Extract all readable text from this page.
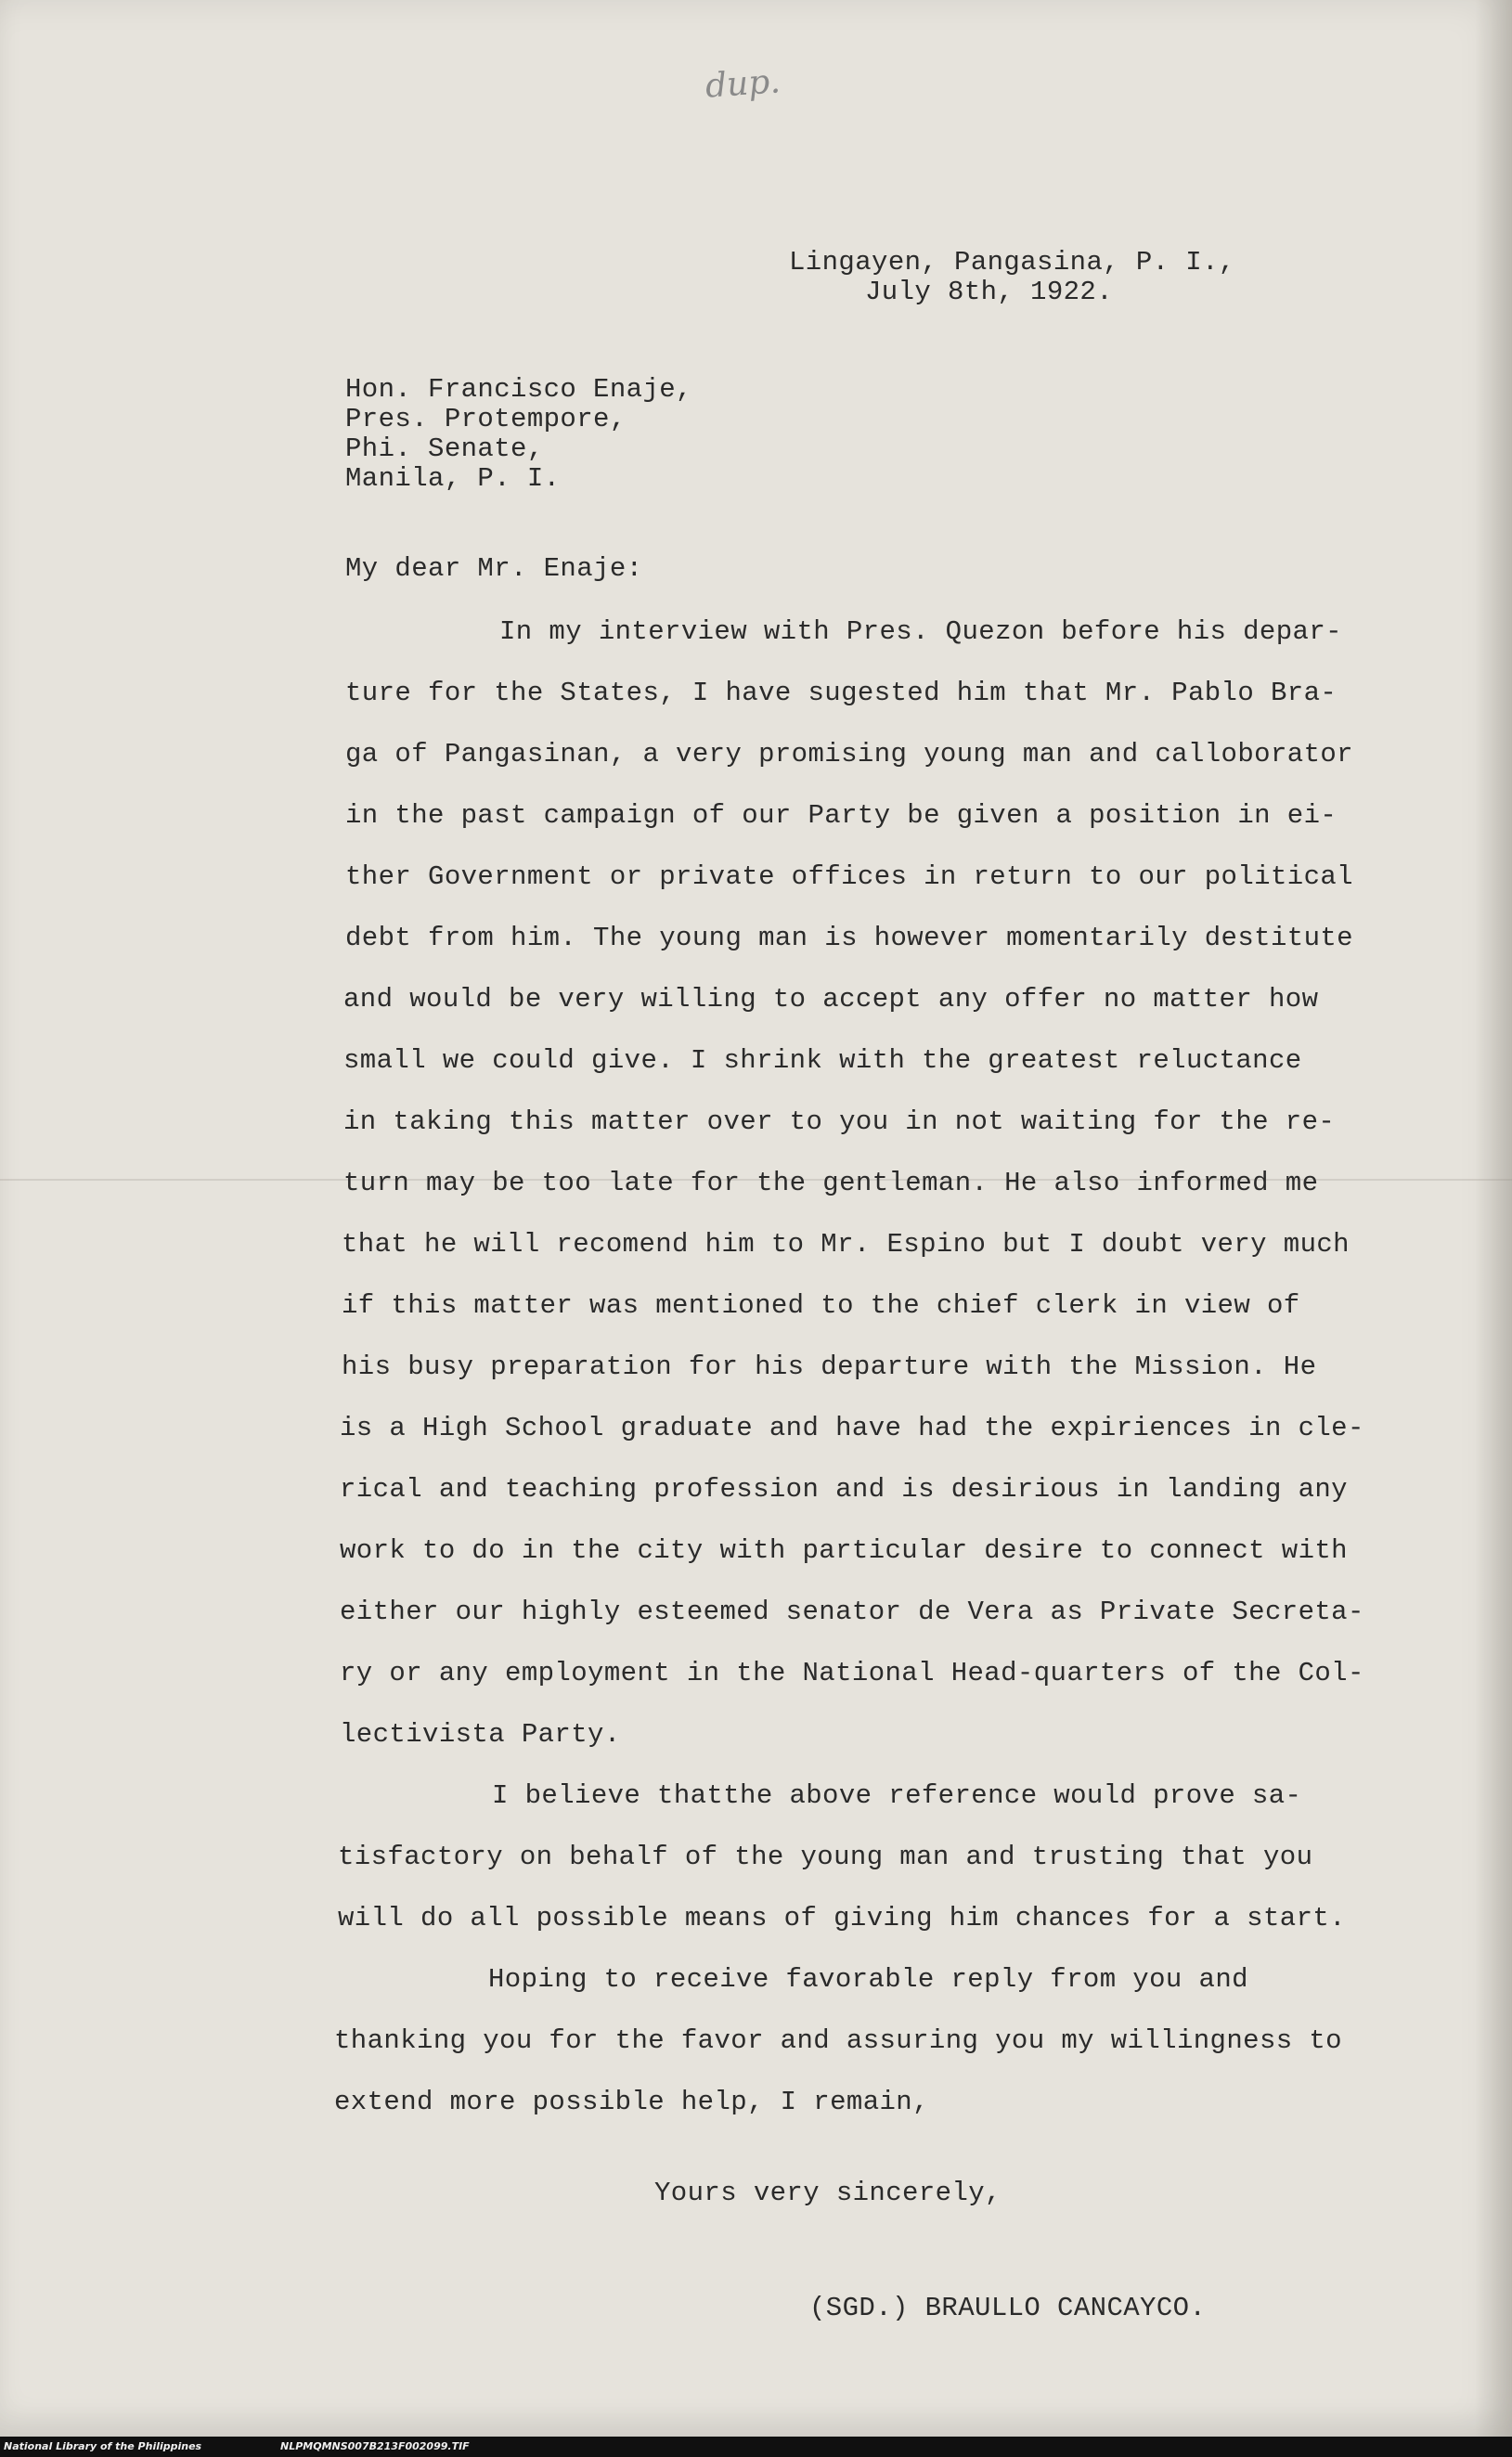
dup.

Lingayen, Pangasina, P. I.,

July 8th, 1922.

Hon. Francisco Enaje,

Pres. Protempore,

Phi. Senate,

Manila, P. I.

My dear Mr. Enaje:

In my interview with Pres. Quezon before his depar-

ture for the States, I have sugested him that Mr. Pablo Bra-

ga of Pangasinan, a very promising young man and calloborator

in the past campaign of our Party be given a position in ei-

ther Government or private offices in return to our political

debt from him. The young man is however momentarily destitute

and would be very willing to accept any offer no matter how

small we could give. I shrink with the greatest reluctance

in taking this matter over to you in not waiting for the re-

turn may be too late for the gentleman. He also informed me

that he will recomend him to Mr. Espino but I doubt very much

if this matter was mentioned to the chief clerk in view of

his busy preparation for his departure with the Mission. He

is a High School graduate and have had the expiriences in cle-

rical and teaching profession and is desirious in landing any

work to do in the city with particular desire to connect with

either our highly esteemed senator de Vera as Private Secreta-

ry or any employment in the National Head-quarters of the Col-

lectivista Party.

I believe thatthe above reference would prove sa-

tisfactory on behalf of the young man and trusting that you

will do all possible means of giving him chances for a start.

Hoping to receive favorable reply from you and

thanking you for the favor and assuring you my willingness to

extend more possible help, I remain,

Yours very sincerely,

(SGD.) BRAULLO CANCAYCO.

National Library of the Philippines	NLPMQMNS007B213F002099.TIF
